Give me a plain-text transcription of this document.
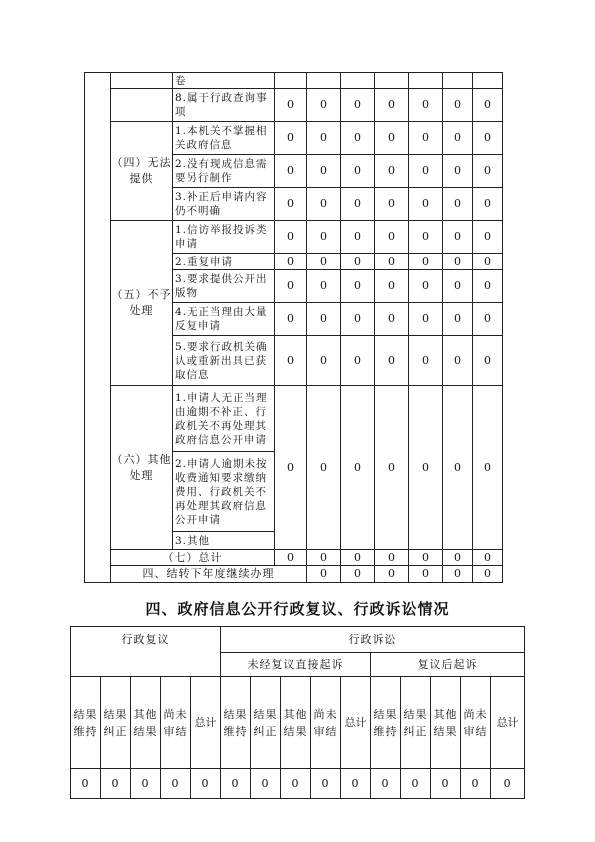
		卷								
		8.属于行政查询事项	0	0	0	0	0	0	0	
	（四）无法提供	1.本机关不掌握相关政府信息	0	0	0	0	0	0	0	
		2.没有现成信息需要另行制作	0	0	0	0	0	0	0	
		3.补正后申请内容仍不明确	0	0	0	0	0	0	0	
	（五）不予处理	1.信访举报投诉类申请	0	0	0	0	0	0	0	
		2.重复申请	0	0	0	0	0	0	0	
		3.要求提供公开出版物	0	0	0	0	0	0	0	
		4.无正当理由大量反复申请	0	0	0	0	0	0	0	
		5.要求行政机关确认或重新出具已获取信息	0	0	0	0	0	0	0	
	（六）其他处理	1.申请人无正当理由逾期不补正、行政机关不再处理其政府信息公开申请	0	0	0	0	0	0	0	
		2.申请人逾期未按收费通知要求缴纳费用、行政机关不再处理其政府信息公开申请								
		3.其他								
	（七）总计		0	0	0	0	0	0	0	
	四、结转下年度继续办理			0	0	0	0	0	0	
四、政府信息公开行政复议、行政诉讼情况
行政复议					行政诉讼									
					未经复议直接起诉					复议后起诉				
结果维持	结果纠正	其他结果	尚未审结	总计	结果维持	结果纠正	其他结果	尚未审结	总计	结果维持	结果纠正	其他结果	尚未审结	总计
0	0	0	0	0	0	0	0	0	0	0	0	0	0	0
